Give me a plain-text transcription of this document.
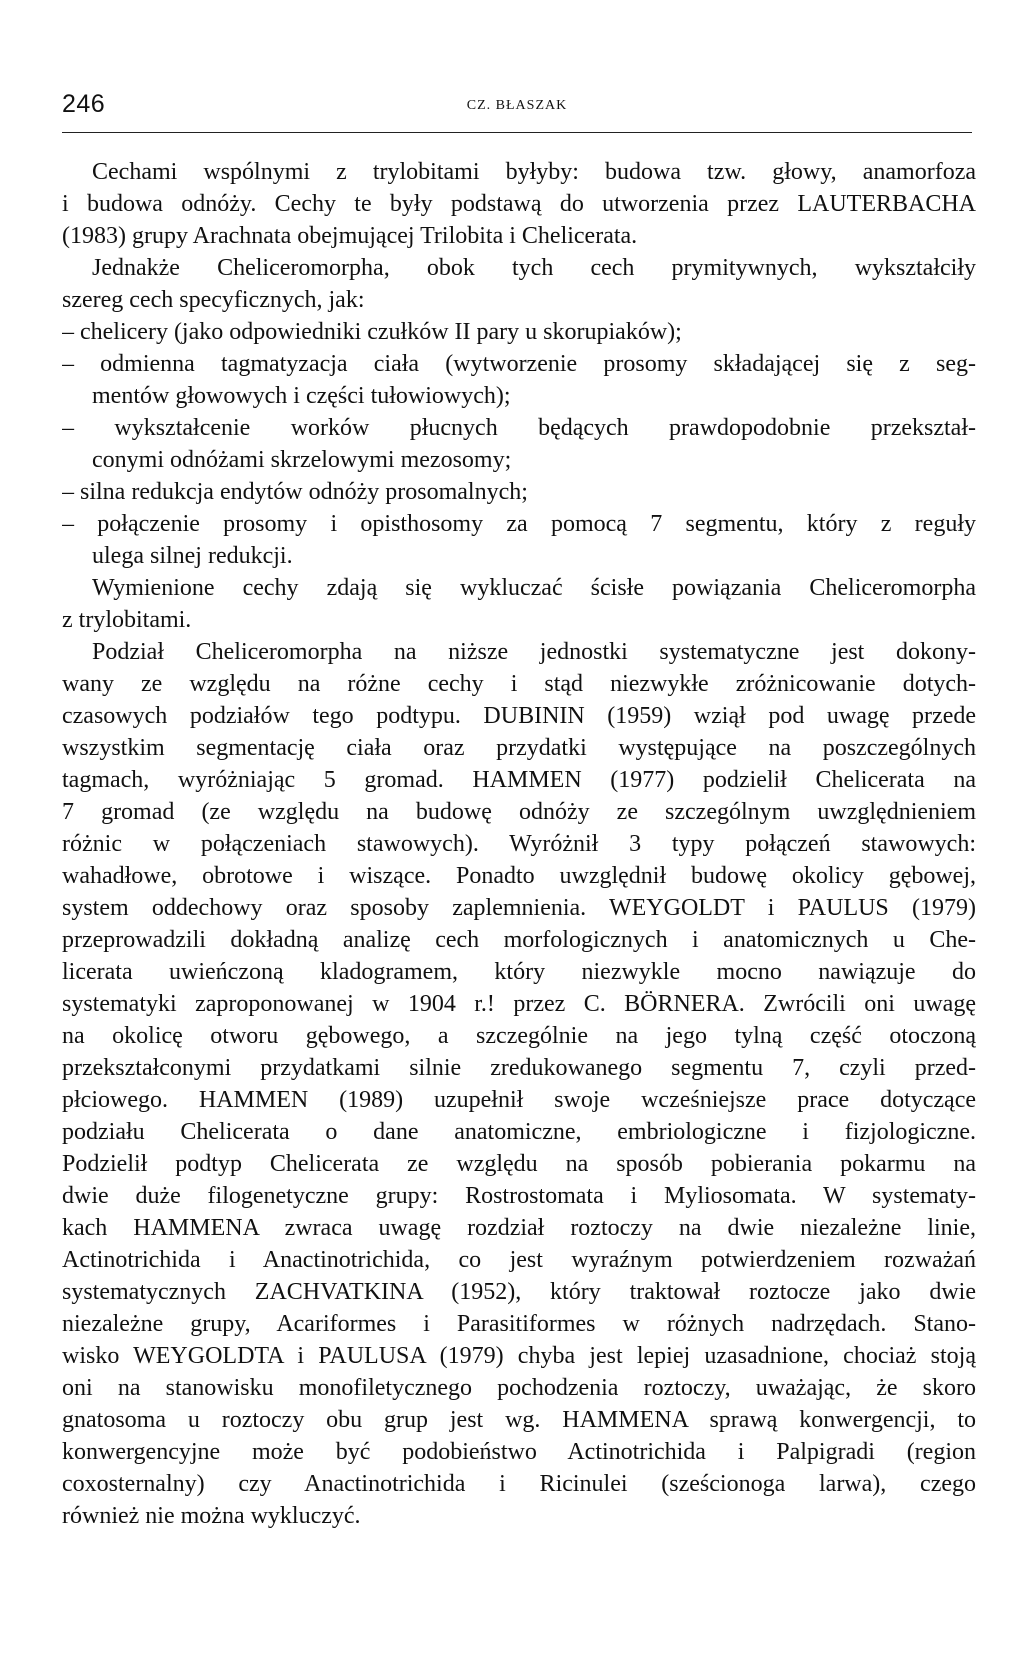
246	CZ. BŁASZAK
Cechami wspólnymi z trylobitami byłyby: budowa tzw. głowy, anamorfoza
i budowa odnóży. Cechy te były podstawą do utworzenia przez LAUTERBACHA
(1983) grupy Arachnata obejmującej Trilobita i Chelicerata.
Jednakże Cheliceromorpha, obok tych cech prymitywnych, wykształciły
szereg cech specyficznych, jak:
– chelicery (jako odpowiedniki czułków II pary u skorupiaków);
– odmienna tagmatyzacja ciała (wytworzenie prosomy składającej się z seg-
mentów głowowych i części tułowiowych);
– wykształcenie worków płucnych będących prawdopodobnie przekształ-
conymi odnóżami skrzelowymi mezosomy;
– silna redukcja endytów odnóży prosomalnych;
– połączenie prosomy i opisthosomy za pomocą 7 segmentu, który z reguły
ulega silnej redukcji.
Wymienione cechy zdają się wykluczać ścisłe powiązania Cheliceromorpha
z trylobitami.
Podział Cheliceromorpha na niższe jednostki systematyczne jest dokony-
wany ze względu na różne cechy i stąd niezwykłe zróżnicowanie dotych-
czasowych podziałów tego podtypu. DUBININ (1959) wziął pod uwagę przede
wszystkim segmentację ciała oraz przydatki występujące na poszczególnych
tagmach, wyróżniając 5 gromad. HAMMEN (1977) podzielił Chelicerata na
7 gromad (ze względu na budowę odnóży ze szczególnym uwzględnieniem
różnic w połączeniach stawowych). Wyróżnił 3 typy połączeń stawowych:
wahadłowe, obrotowe i wiszące. Ponadto uwzględnił budowę okolicy gębowej,
system oddechowy oraz sposoby zaplemnienia. WEYGOLDT i PAULUS (1979)
przeprowadzili dokładną analizę cech morfologicznych i anatomicznych u Che-
licerata uwieńczoną kladogramem, który niezwykle mocno nawiązuje do
systematyki zaproponowanej w 1904 r.! przez C. BÖRNERA. Zwrócili oni uwagę
na okolicę otworu gębowego, a szczególnie na jego tylną część otoczoną
przekształconymi przydatkami silnie zredukowanego segmentu 7, czyli przed-
płciowego. HAMMEN (1989) uzupełnił swoje wcześniejsze prace dotyczące
podziału Chelicerata o dane anatomiczne, embriologiczne i fizjologiczne.
Podzielił podtyp Chelicerata ze względu na sposób pobierania pokarmu na
dwie duże filogenetyczne grupy: Rostrostomata i Myliosomata. W systematy-
kach HAMMENA zwraca uwagę rozdział roztoczy na dwie niezależne linie,
Actinotrichida i Anactinotrichida, co jest wyraźnym potwierdzeniem rozważań
systematycznych ZACHVATKINA (1952), który traktował roztocze jako dwie
niezależne grupy, Acariformes i Parasitiformes w różnych nadrzędach. Stano-
wisko WEYGOLDTA i PAULUSA (1979) chyba jest lepiej uzasadnione, chociaż stoją
oni na stanowisku monofiletycznego pochodzenia roztoczy, uważając, że skoro
gnatosoma u roztoczy obu grup jest wg. HAMMENA sprawą konwergencji, to
konwergencyjne może być podobieństwo Actinotrichida i Palpigradi (region
coxosternalny) czy Anactinotrichida i Ricinulei (sześcionoga larwa), czego
również nie można wykluczyć.
